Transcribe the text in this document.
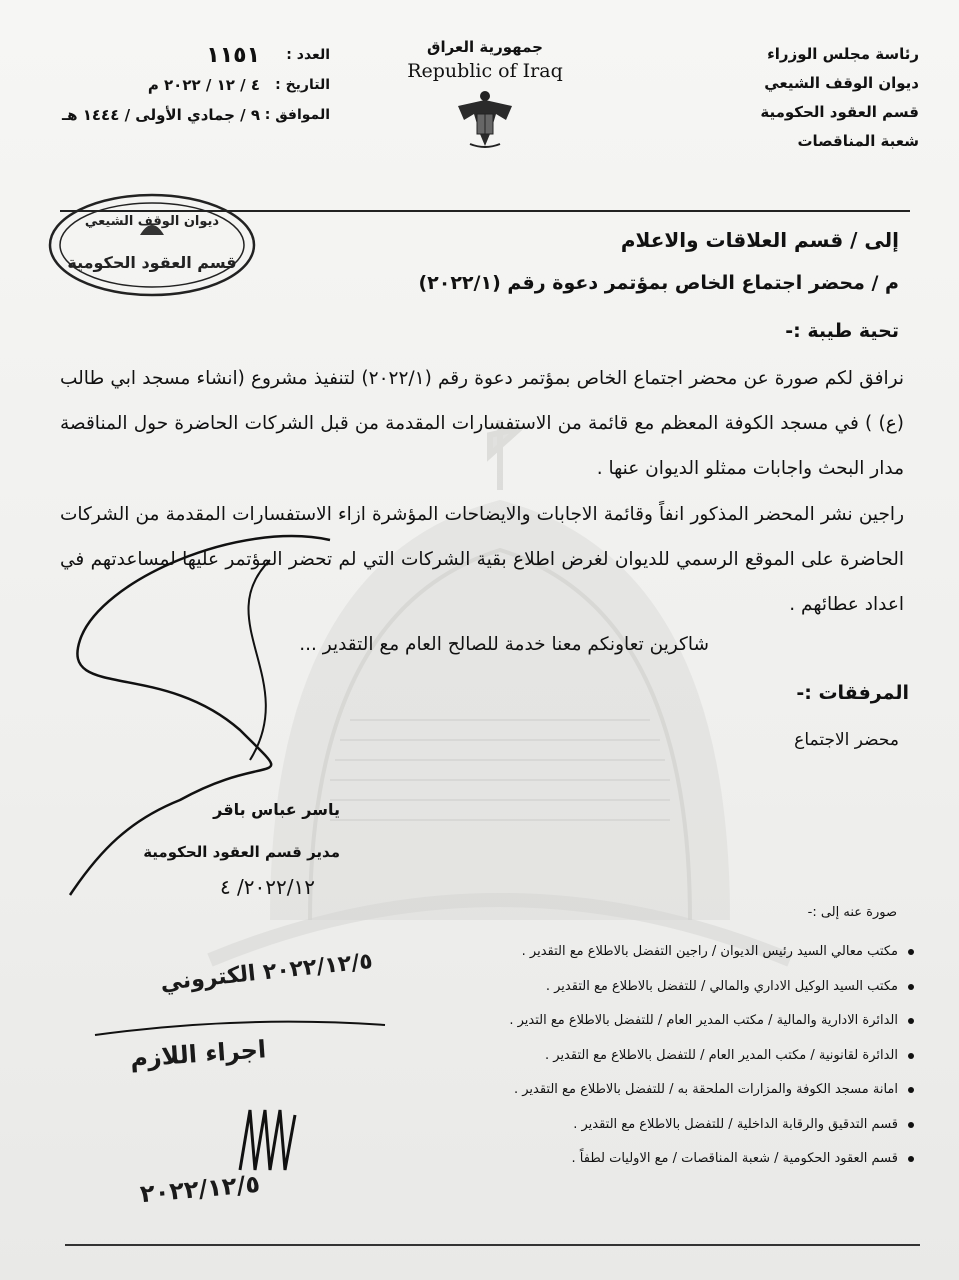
رئاسة مجلس الوزراء
ديوان الوقف الشيعي
قسم العقود الحكومية
شعبة المناقصات
جمهورية العراق
Republic of Iraq
العدد :
١١٥١
التاريخ :
٤ / ١٢ / ٢٠٢٢ م
الموافق :
٩ / جمادي الأولى / ١٤٤٤ هـ
ديوان الوقف الشيعي
قسم العقود الحكومية
إلى / قسم العلاقات والاعلام
م / محضر اجتماع الخاص بمؤتمر دعوة رقم (٢٠٢٢/١)
تحية طيبة :-
نرافق لكم صورة عن محضر اجتماع الخاص بمؤتمر دعوة رقم (٢٠٢٢/١) لتنفيذ مشروع (انشاء مسجد ابي طالب (ع) ) في مسجد الكوفة المعظم مع قائمة من الاستفسارات المقدمة من قبل الشركات الحاضرة حول المناقصة مدار البحث واجابات ممثلو الديوان عنها .
راجين نشر المحضر المذكور انفاً وقائمة الاجابات والايضاحات المؤشرة ازاء الاستفسارات المقدمة من الشركات الحاضرة على الموقع الرسمي للديوان لغرض اطلاع بقية الشركات التي لم تحضر المؤتمر عليها لمساعدتهم في اعداد عطائهم .
شاكرين تعاونكم معنا خدمة للصالح العام مع التقدير ...
المرفقات :-
محضر الاجتماع
ياسر عباس باقر
مدير قسم العقود الحكومية
٢٠٢٢/١٢/ ٤
صورة عنه إلى :-
مكتب معالي السيد رئيس الديوان / راجين التفضل بالاطلاع مع التقدير .
مكتب السيد الوكيل الاداري والمالي / للتفضل بالاطلاع مع التقدير .
الدائرة الادارية والمالية / مكتب المدير العام / للتفضل بالاطلاع مع التدير .
الدائرة لقانونية / مكتب المدير العام / للتفضل بالاطلاع مع التقدير .
امانة مسجد الكوفة والمزارات الملحقة به / للتفضل بالاطلاع مع التقدير .
قسم التدقيق والرقابة الداخلية / للتفضل بالاطلاع مع التقدير .
قسم العقود الحكومية / شعبة المناقصات / مع الاوليات لطفاً .
٢٠٢٢/١٢/٥ الكتروني
اجراء اللازم
٢٠٢٢/١٢/٥
